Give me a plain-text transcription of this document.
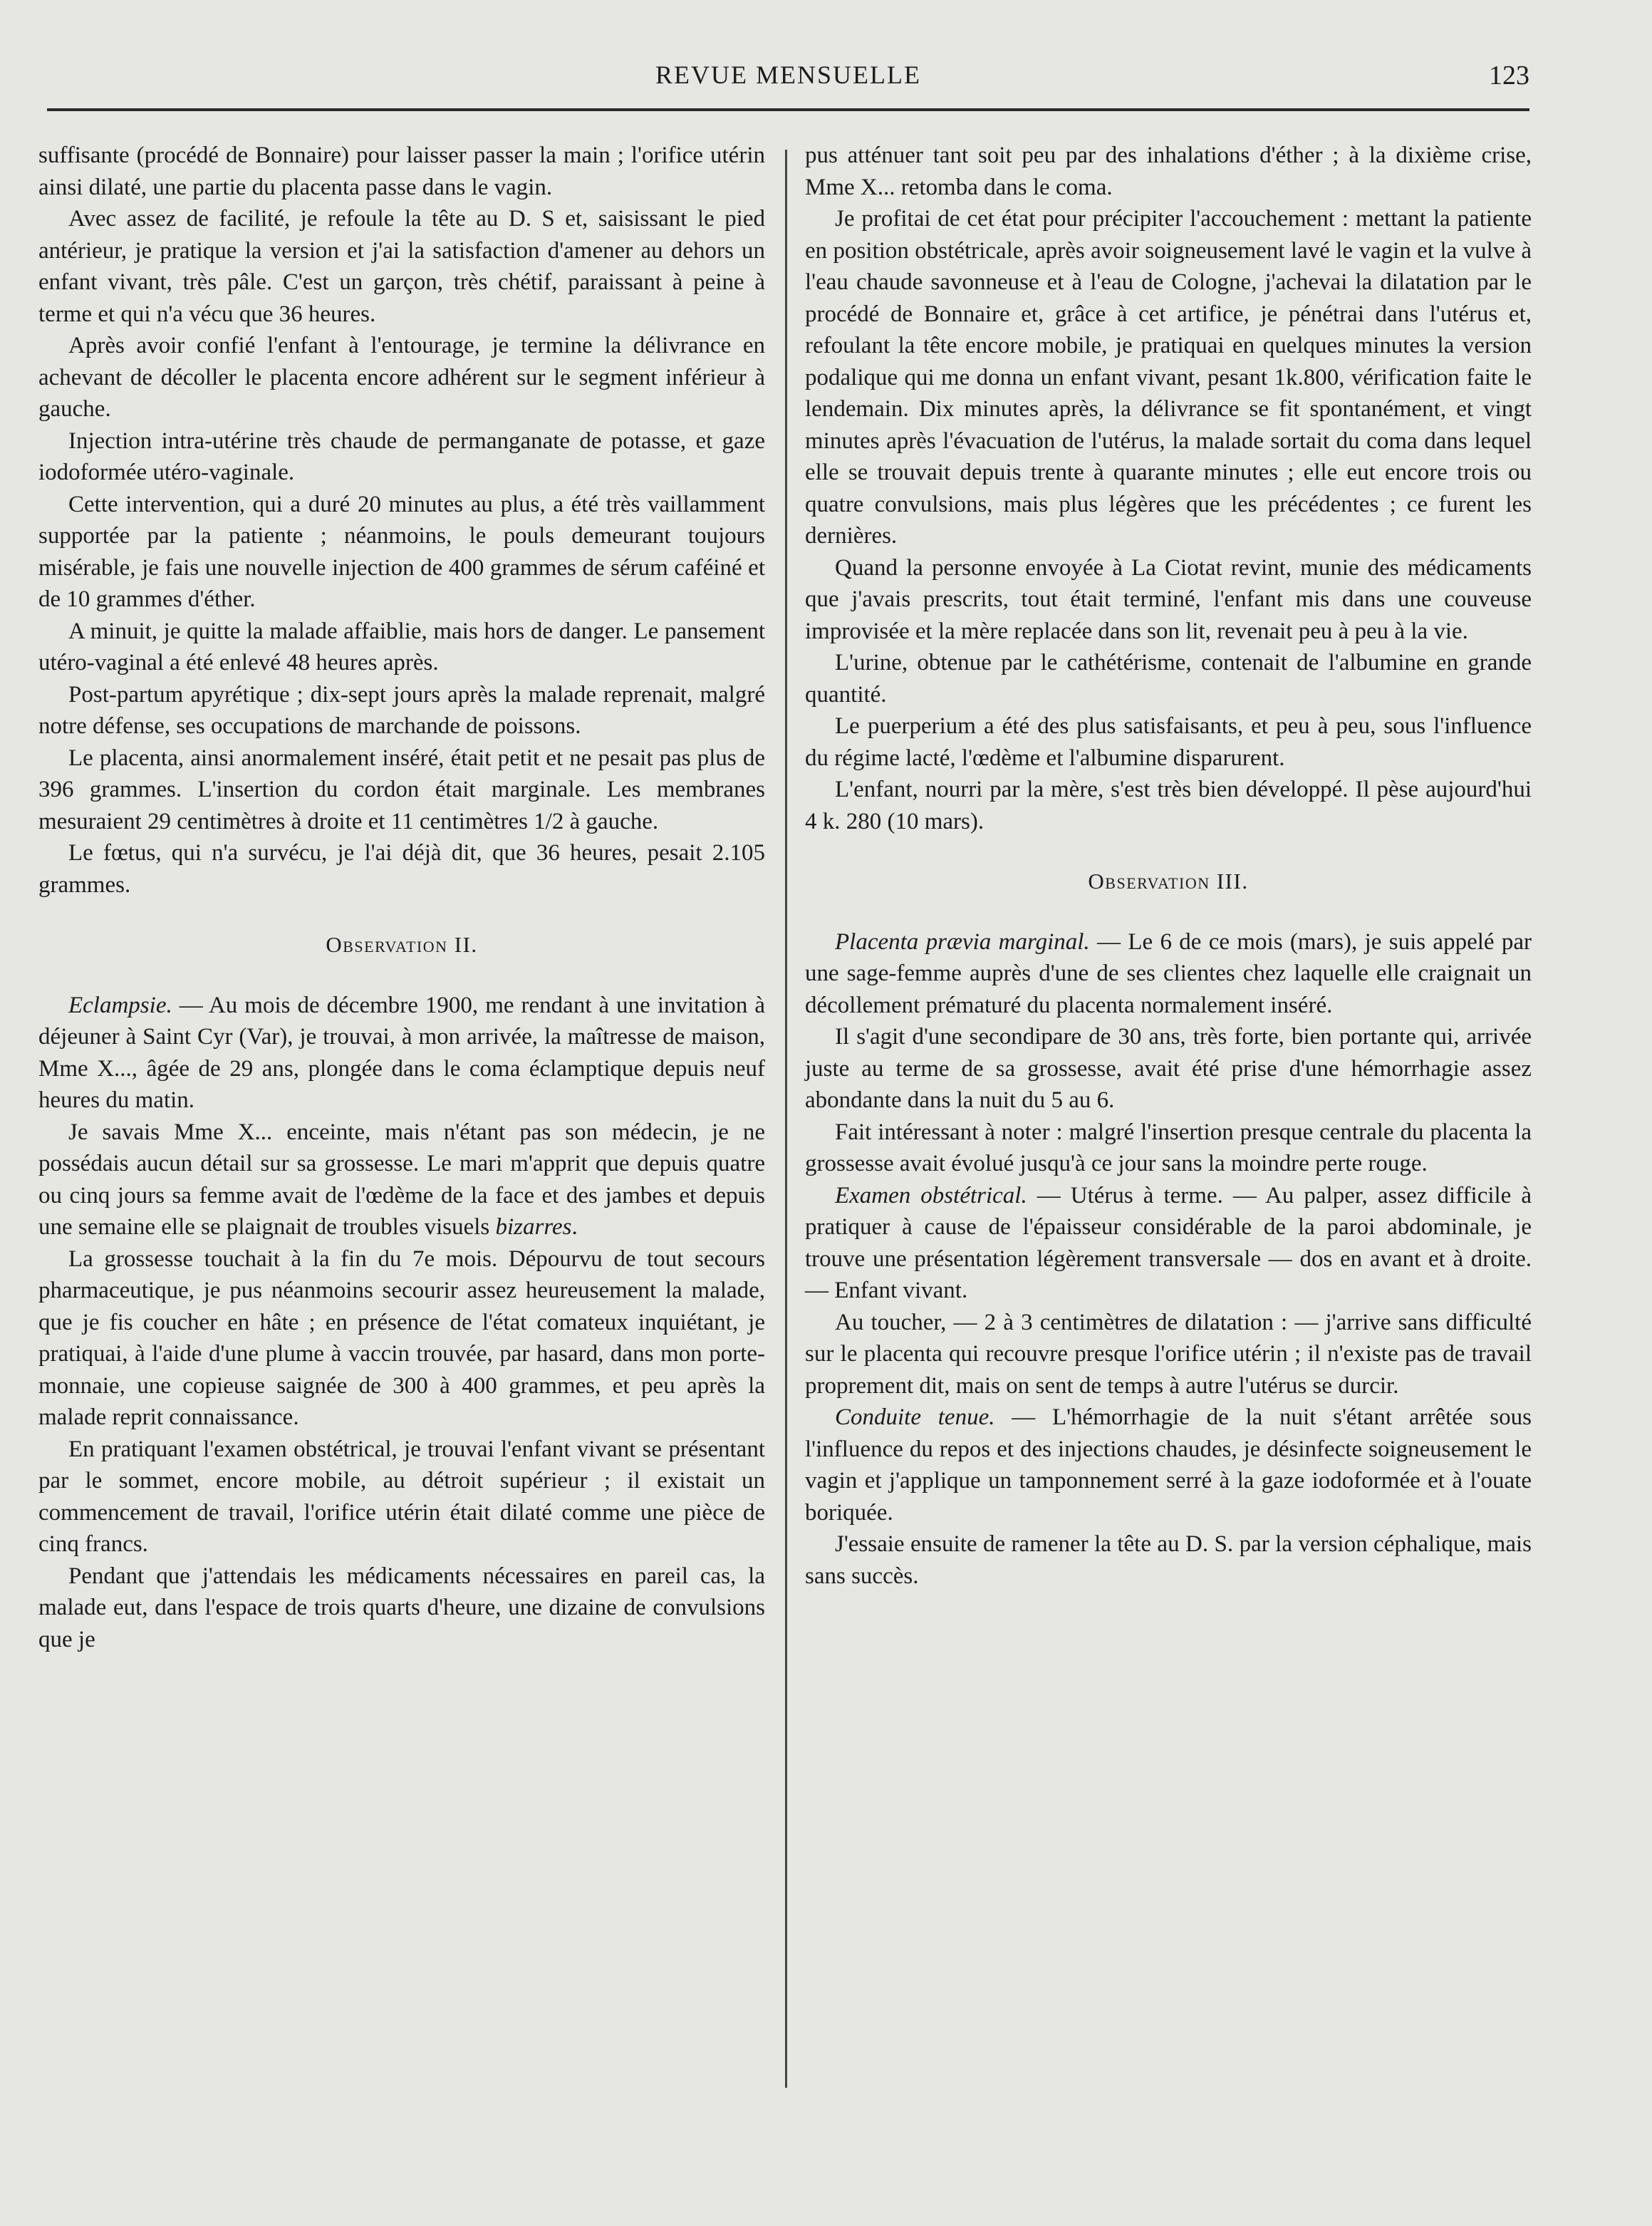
REVUE MENSUELLE	123

suffisante (procédé de Bonnaire) pour laisser passer la main ; l'orifice utérin ainsi dilaté, une partie du placenta passe dans le vagin.

Avec assez de facilité, je refoule la tête au D. S et, saisissant le pied antérieur, je pratique la version et j'ai la satisfaction d'amener au dehors un enfant vivant, très pâle. C'est un garçon, très chétif, paraissant à peine à terme et qui n'a vécu que 36 heures.

Après avoir confié l'enfant à l'entourage, je termine la délivrance en achevant de décoller le placenta encore adhérent sur le segment inférieur à gauche.

Injection intra-utérine très chaude de permanganate de potasse, et gaze iodoformée utéro-vaginale.

Cette intervention, qui a duré 20 minutes au plus, a été très vaillamment supportée par la patiente ; néanmoins, le pouls demeurant toujours misérable, je fais une nouvelle injection de 400 grammes de sérum caféiné et de 10 grammes d'éther.

A minuit, je quitte la malade affaiblie, mais hors de danger. Le pansement utéro-vaginal a été enlevé 48 heures après.

Post-partum apyrétique ; dix-sept jours après la malade reprenait, malgré notre défense, ses occupations de marchande de poissons.

Le placenta, ainsi anormalement inséré, était petit et ne pesait pas plus de 396 grammes. L'insertion du cordon était marginale. Les membranes mesuraient 29 centimètres à droite et 11 centimètres 1/2 à gauche.

Le fœtus, qui n'a survécu, je l'ai déjà dit, que 36 heures, pesait 2.105 grammes.

Observation II.

Eclampsie. — Au mois de décembre 1900, me rendant à une invitation à déjeuner à Saint Cyr (Var), je trouvai, à mon arrivée, la maîtresse de maison, Mme X..., âgée de 29 ans, plongée dans le coma éclamptique depuis neuf heures du matin.

Je savais Mme X... enceinte, mais n'étant pas son médecin, je ne possédais aucun détail sur sa grossesse. Le mari m'apprit que depuis quatre ou cinq jours sa femme avait de l'œdème de la face et des jambes et depuis une semaine elle se plaignait de troubles visuels bizarres.

La grossesse touchait à la fin du 7e mois. Dépourvu de tout secours pharmaceutique, je pus néanmoins secourir assez heureusement la malade, que je fis coucher en hâte ; en présence de l'état comateux inquiétant, je pratiquai, à l'aide d'une plume à vaccin trouvée, par hasard, dans mon porte-monnaie, une copieuse saignée de 300 à 400 grammes, et peu après la malade reprit connaissance.

En pratiquant l'examen obstétrical, je trouvai l'enfant vivant se présentant par le sommet, encore mobile, au détroit supérieur ; il existait un commencement de travail, l'orifice utérin était dilaté comme une pièce de cinq francs.

Pendant que j'attendais les médicaments nécessaires en pareil cas, la malade eut, dans l'espace de trois quarts d'heure, une dizaine de convulsions que je

pus atténuer tant soit peu par des inhalations d'éther ; à la dixième crise, Mme X... retomba dans le coma.

Je profitai de cet état pour précipiter l'accouchement : mettant la patiente en position obstétricale, après avoir soigneusement lavé le vagin et la vulve à l'eau chaude savonneuse et à l'eau de Cologne, j'achevai la dilatation par le procédé de Bonnaire et, grâce à cet artifice, je pénétrai dans l'utérus et, refoulant la tête encore mobile, je pratiquai en quelques minutes la version podalique qui me donna un enfant vivant, pesant 1k.800, vérification faite le lendemain. Dix minutes après, la délivrance se fit spontanément, et vingt minutes après l'évacuation de l'utérus, la malade sortait du coma dans lequel elle se trouvait depuis trente à quarante minutes ; elle eut encore trois ou quatre convulsions, mais plus légères que les précédentes ; ce furent les dernières.

Quand la personne envoyée à La Ciotat revint, munie des médicaments que j'avais prescrits, tout était terminé, l'enfant mis dans une couveuse improvisée et la mère replacée dans son lit, revenait peu à peu à la vie.

L'urine, obtenue par le cathétérisme, contenait de l'albumine en grande quantité.

Le puerperium a été des plus satisfaisants, et peu à peu, sous l'influence du régime lacté, l'œdème et l'albumine disparurent.

L'enfant, nourri par la mère, s'est très bien développé. Il pèse aujourd'hui 4 k. 280 (10 mars).

Observation III.

Placenta prævia marginal. — Le 6 de ce mois (mars), je suis appelé par une sage-femme auprès d'une de ses clientes chez laquelle elle craignait un décollement prématuré du placenta normalement inséré.

Il s'agit d'une secondipare de 30 ans, très forte, bien portante qui, arrivée juste au terme de sa grossesse, avait été prise d'une hémorrhagie assez abondante dans la nuit du 5 au 6.

Fait intéressant à noter : malgré l'insertion presque centrale du placenta la grossesse avait évolué jusqu'à ce jour sans la moindre perte rouge.

Examen obstétrical. — Utérus à terme. — Au palper, assez difficile à pratiquer à cause de l'épaisseur considérable de la paroi abdominale, je trouve une présentation légèrement transversale — dos en avant et à droite. — Enfant vivant.

Au toucher, — 2 à 3 centimètres de dilatation : — j'arrive sans difficulté sur le placenta qui recouvre presque l'orifice utérin ; il n'existe pas de travail proprement dit, mais on sent de temps à autre l'utérus se durcir.

Conduite tenue. — L'hémorrhagie de la nuit s'étant arrêtée sous l'influence du repos et des injections chaudes, je désinfecte soigneusement le vagin et j'applique un tamponnement serré à la gaze iodoformée et à l'ouate boriquée.

J'essaie ensuite de ramener la tête au D. S. par la version céphalique, mais sans succès.
